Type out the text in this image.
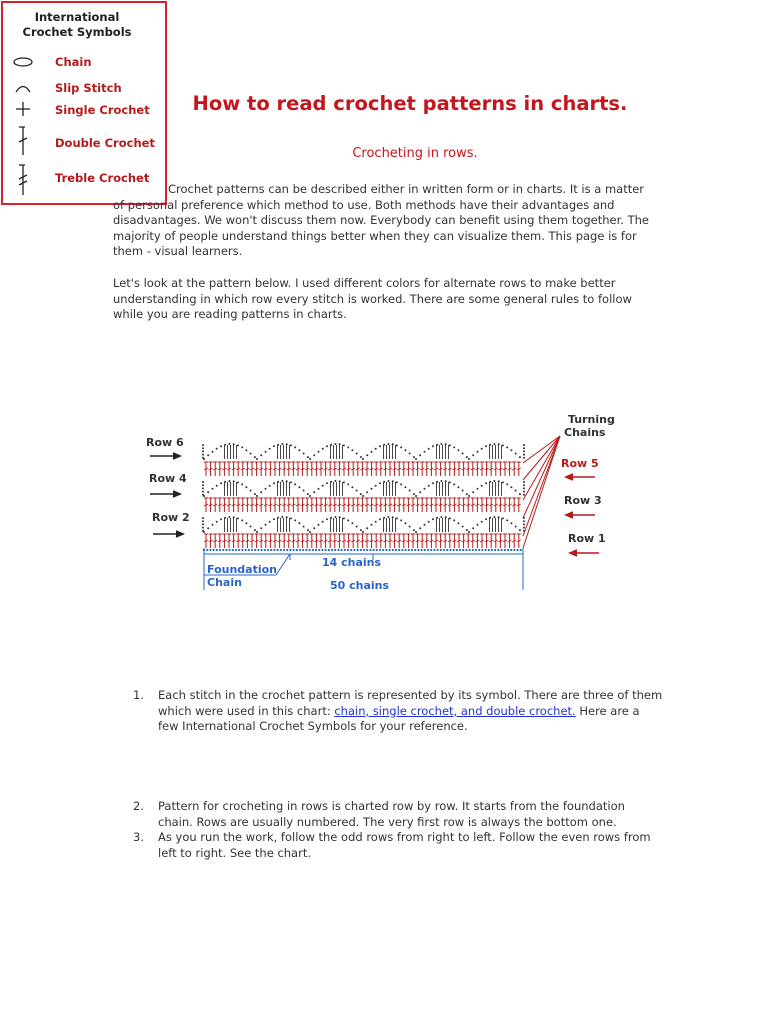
International
Crochet Symbols
Chain
Slip Stitch
Single Crochet
Double Crochet
Treble Crochet
How to read crochet patterns in charts.
Crocheting in rows.
Crochet patterns can be described either in written form or in charts. It is a matter of personal preference which method to use. Both methods have their advantages and disadvantages. We won't discuss them now. Everybody can benefit using them together. The majority of people understand things better when they can visualize them. This page is for them - visual learners.
Let's look at the pattern below. I used different colors for alternate rows to make better understanding in which row every stitch is worked. There are some general rules to follow while you are reading patterns in charts.
Row 6
Row 4
Row 2
Turning Chains
Row 5
Row 3
Row 1
Foundation Chain
14 chains
50 chains
1. Each stitch in the crochet pattern is represented by its symbol. There are three of them which were used in this chart: chain, single crochet, and double crochet. Here are a few International Crochet Symbols for your reference.
2. Pattern for crocheting in rows is charted row by row. It starts from the foundation chain. Rows are usually numbered. The very first row is always the bottom one.
3. As you run the work, follow the odd rows from right to left. Follow the even rows from left to right. See the chart.
